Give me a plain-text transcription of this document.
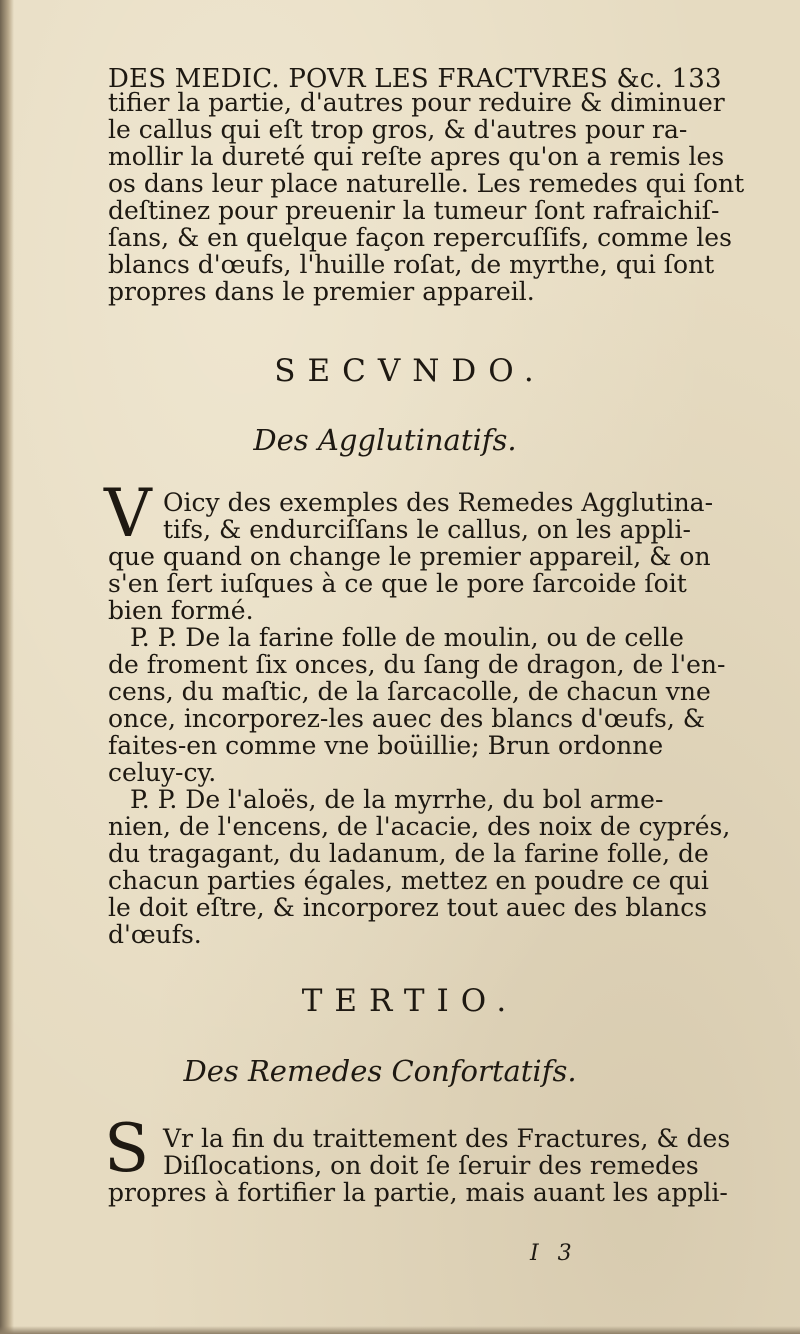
DES MEDIC. POVR LES FRACTVRES &c. 133
tifier la partie, d'autres pour reduire & diminuer
le callus qui eſt trop gros, & d'autres pour ra-
mollir la dureté qui reſte apres qu'on a remis les
os dans leur place naturelle. Les remedes qui ſont
deſtinez pour preuenir la tumeur ſont rafraichiſ-
ſans, & en quelque façon repercuſſifs, comme les
blancs d'œufs, l'huille roſat, de myrthe, qui ſont
propres dans le premier appareil.
SECVNDO.
Des Agglutinatifs.
V Oicy des exemples des Remedes Agglutina-
tifs, & endurciſſans le callus, on les appli-
que quand on change le premier appareil, & on
s'en ſert iuſques à ce que le pore ſarcoide ſoit
bien formé.
P. P. De la farine folle de moulin, ou de celle
de froment ſix onces, du ſang de dragon, de l'en-
cens, du maſtic, de la ſarcacolle, de chacun vne
once, incorporez-les auec des blancs d'œufs, &
faites-en comme vne boüillie; Brun ordonne
celuy-cy.
P. P. De l'aloës, de la myrrhe, du bol arme-
nien, de l'encens, de l'acacie, des noix de cyprés,
du tragagant, du ladanum, de la farine folle, de
chacun parties égales, mettez en poudre ce qui
le doit eſtre, & incorporez tout auec des blancs
d'œufs.
TERTIO.
Des Remedes Confortatifs.
S Vr la fin du traittement des Fractures, & des
Diſlocations, on doit ſe ſeruir des remedes
propres à fortifier la partie, mais auant les appli-
I 3
